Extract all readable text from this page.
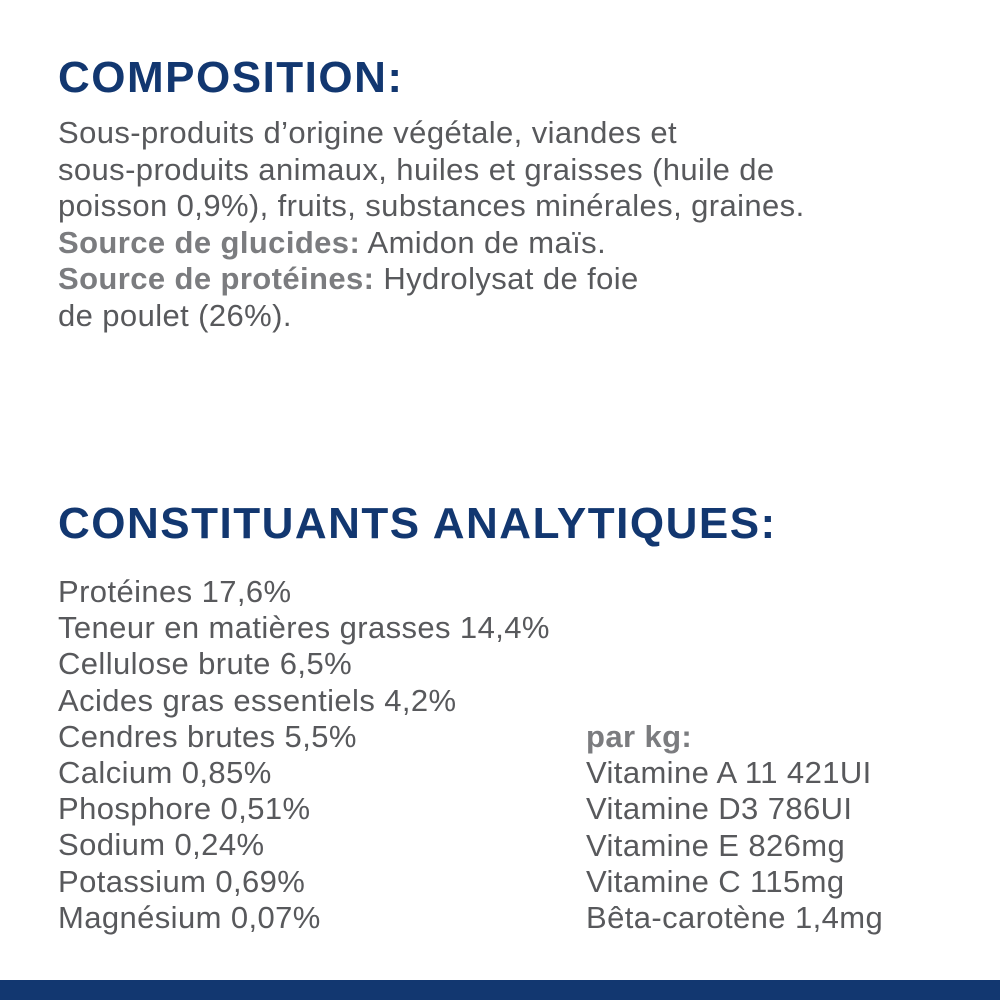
COMPOSITION:
Sous-produits d’origine végétale, viandes et
sous-produits animaux, huiles et graisses (huile de
poisson 0,9%), fruits, substances minérales, graines.
Source de glucides: Amidon de maïs.
Source de protéines: Hydrolysat de foie
de poulet (26%).
CONSTITUANTS ANALYTIQUES:
Protéines 17,6%
Teneur en matières grasses 14,4%
Cellulose brute 6,5%
Acides gras essentiels 4,2%
Cendres brutes 5,5%
Calcium 0,85%
Phosphore 0,51%
Sodium 0,24%
Potassium 0,69%
Magnésium 0,07%
par kg:
Vitamine A 11 421UI
Vitamine D3 786UI
Vitamine E 826mg
Vitamine C 115mg
Bêta-carotène 1,4mg
